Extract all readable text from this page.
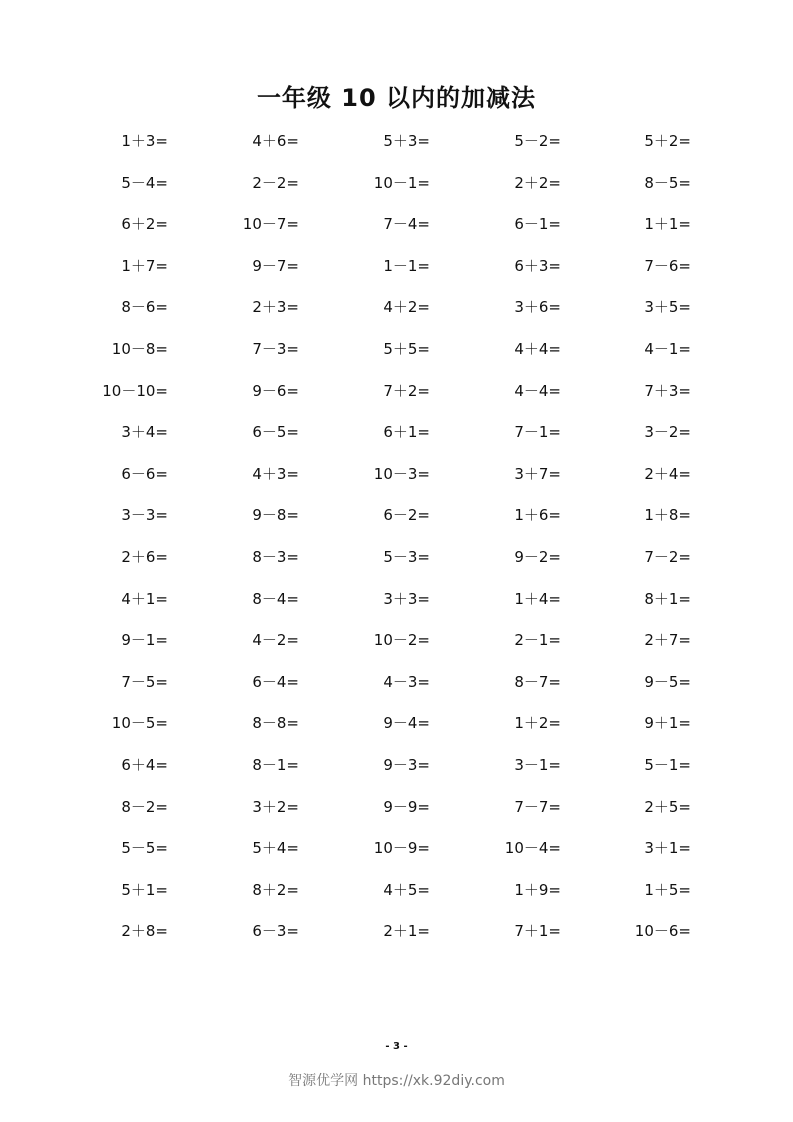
一年级 10 以内的加减法
1＋3=	4＋6=	5＋3=	5－2=	5＋2=
5－4=	2－2=	10－1=	2＋2=	8－5=
6＋2=	10－7=	7－4=	6－1=	1＋1=
1＋7=	9－7=	1－1=	6＋3=	7－6=
8－6=	2＋3=	4＋2=	3＋6=	3＋5=
10－8=	7－3=	5＋5=	4＋4=	4－1=
10－10=	9－6=	7＋2=	4－4=	7＋3=
3＋4=	6－5=	6＋1=	7－1=	3－2=
6－6=	4＋3=	10－3=	3＋7=	2＋4=
3－3=	9－8=	6－2=	1＋6=	1＋8=
2＋6=	8－3=	5－3=	9－2=	7－2=
4＋1=	8－4=	3＋3=	1＋4=	8＋1=
9－1=	4－2=	10－2=	2－1=	2＋7=
7－5=	6－4=	4－3=	8－7=	9－5=
10－5=	8－8=	9－4=	1＋2=	9＋1=
6＋4=	8－1=	9－3=	3－1=	5－1=
8－2=	3＋2=	9－9=	7－7=	2＋5=
5－5=	5＋4=	10－9=	10－4=	3＋1=
5＋1=	8＋2=	4＋5=	1＋9=	1＋5=
2＋8=	6－3=	2＋1=	7＋1=	10－6=
- 3 -
智源优学网 https://xk.92diy.com
